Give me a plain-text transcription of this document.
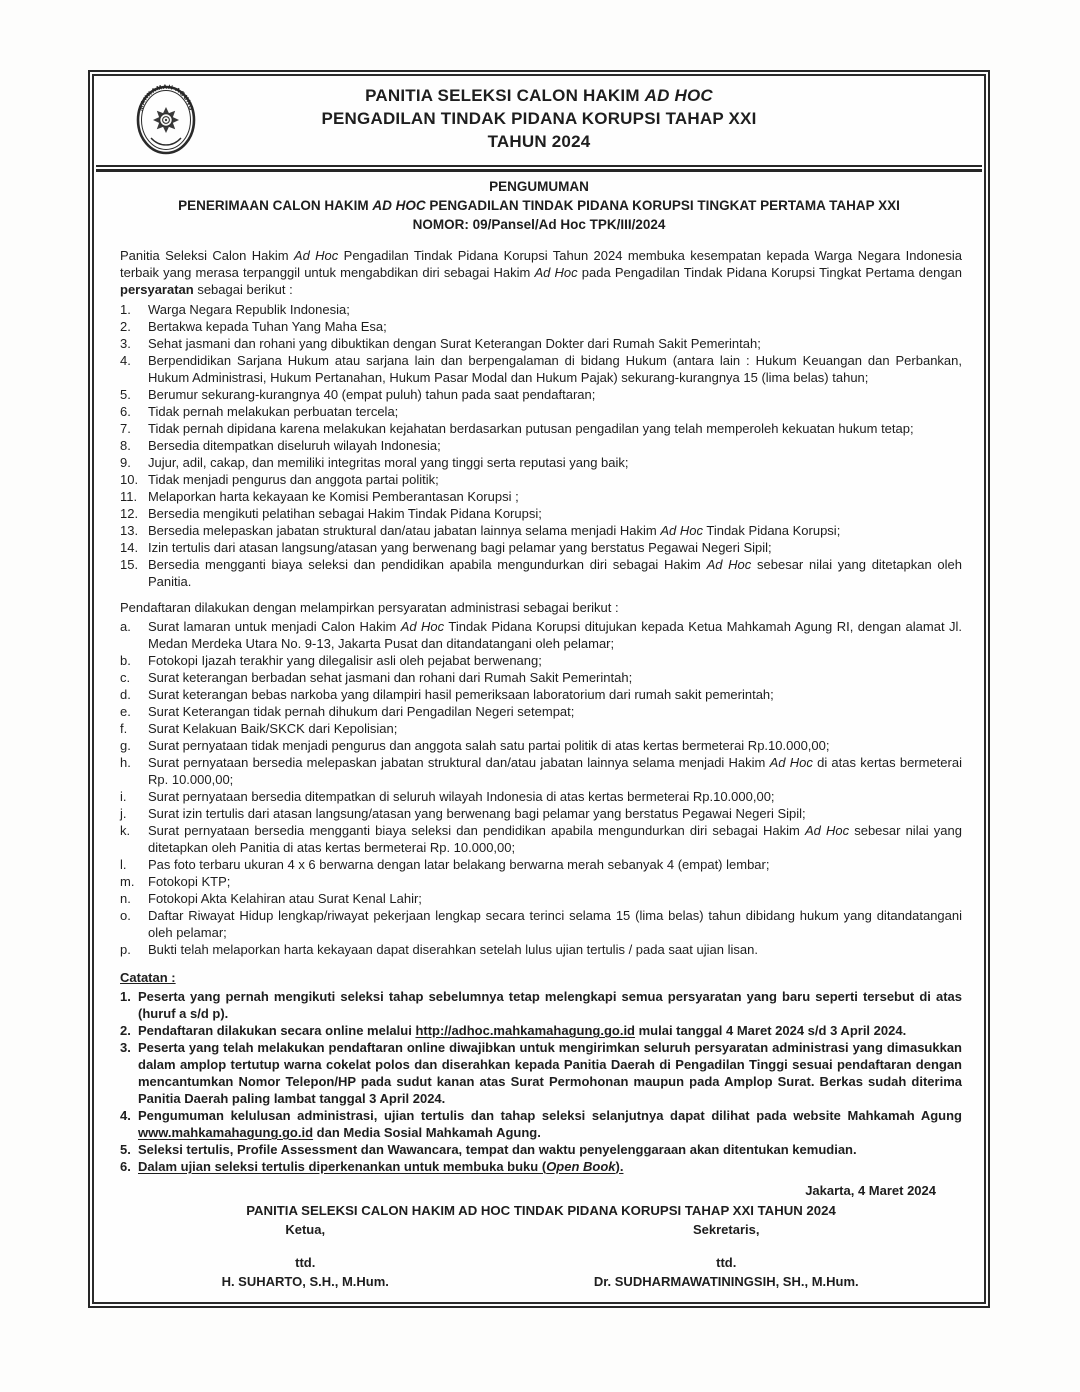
MAHKAMAH AGUNG
PANITIA SELEKSI CALON HAKIM AD HOC
PENGADILAN TINDAK PIDANA KORUPSI TAHAP XXI
TAHUN 2024
PENGUMUMAN
PENERIMAAN CALON HAKIM AD HOC PENGADILAN TINDAK PIDANA KORUPSI TINGKAT PERTAMA TAHAP XXI
NOMOR: 09/Pansel/Ad Hoc TPK/III/2024

Panitia Seleksi Calon Hakim Ad Hoc Pengadilan Tindak Pidana Korupsi Tahun 2024 membuka kesempatan kepada Warga Negara Indonesia terbaik yang merasa terpanggil untuk mengabdikan diri sebagai Hakim Ad Hoc pada Pengadilan Tindak Pidana Korupsi Tingkat Pertama dengan persyaratan sebagai berikut :

1.	Warga Negara Republik Indonesia;
2.	Bertakwa kepada Tuhan Yang Maha Esa;
3.	Sehat jasmani dan rohani yang dibuktikan dengan Surat Keterangan Dokter dari Rumah Sakit Pemerintah;
4.	Berpendidikan Sarjana Hukum atau sarjana lain dan berpengalaman di bidang Hukum (antara lain : Hukum Keuangan dan Perbankan, Hukum Administrasi, Hukum Pertanahan, Hukum Pasar Modal dan Hukum Pajak) sekurang-kurangnya 15 (lima belas) tahun;
5.	Berumur sekurang-kurangnya 40 (empat puluh) tahun pada saat pendaftaran;
6.	Tidak pernah melakukan perbuatan tercela;
7.	Tidak pernah dipidana karena melakukan kejahatan berdasarkan putusan pengadilan yang telah memperoleh kekuatan hukum tetap;
8.	Bersedia ditempatkan diseluruh wilayah Indonesia;
9.	Jujur, adil, cakap, dan memiliki integritas moral yang tinggi serta reputasi yang baik;
10. Tidak menjadi pengurus dan anggota partai politik;
11. Melaporkan harta kekayaan ke Komisi Pemberantasan Korupsi ;
12. Bersedia mengikuti pelatihan sebagai Hakim Tindak Pidana Korupsi;
13. Bersedia melepaskan jabatan struktural dan/atau jabatan lainnya selama menjadi Hakim Ad Hoc Tindak Pidana Korupsi;
14. Izin tertulis dari atasan langsung/atasan yang berwenang bagi pelamar yang berstatus Pegawai Negeri Sipil;
15. Bersedia mengganti biaya seleksi dan pendidikan apabila mengundurkan diri sebagai Hakim Ad Hoc sebesar nilai yang ditetapkan oleh Panitia.

Pendaftaran dilakukan dengan melampirkan persyaratan administrasi sebagai berikut :

a.	Surat lamaran untuk menjadi Calon Hakim Ad Hoc Tindak Pidana Korupsi ditujukan kepada Ketua Mahkamah Agung RI, dengan alamat Jl. Medan Merdeka Utara No. 9-13, Jakarta Pusat dan ditandatangani oleh pelamar;
b.	Fotokopi Ijazah terakhir yang dilegalisir asli oleh pejabat berwenang;
c.	Surat keterangan berbadan sehat jasmani dan rohani dari Rumah Sakit Pemerintah;
d.	Surat keterangan bebas narkoba yang dilampiri hasil pemeriksaan laboratorium dari rumah sakit pemerintah;
e.	Surat Keterangan tidak pernah dihukum dari Pengadilan Negeri setempat;
f.	Surat Kelakuan Baik/SKCK dari Kepolisian;
g.	Surat pernyataan tidak menjadi pengurus dan anggota salah satu partai politik di atas kertas bermeterai Rp.10.000,00;
h.	Surat pernyataan bersedia melepaskan jabatan struktural dan/atau jabatan lainnya selama menjadi Hakim Ad Hoc di atas kertas bermeterai Rp. 10.000,00;
i.	Surat pernyataan bersedia ditempatkan di seluruh wilayah Indonesia di atas kertas bermeterai Rp.10.000,00;
j.	Surat izin tertulis dari atasan langsung/atasan yang berwenang bagi pelamar yang berstatus Pegawai Negeri Sipil;
k.	Surat pernyataan bersedia mengganti biaya seleksi dan pendidikan apabila mengundurkan diri sebagai Hakim Ad Hoc sebesar nilai yang ditetapkan oleh Panitia di atas kertas bermeterai Rp. 10.000,00;
l.	Pas foto terbaru ukuran 4 x 6 berwarna dengan latar belakang berwarna merah sebanyak 4 (empat) lembar;
m.	Fotokopi KTP;
n.	Fotokopi Akta Kelahiran atau Surat Kenal Lahir;
o.	Daftar Riwayat Hidup lengkap/riwayat pekerjaan lengkap secara terinci selama 15 (lima belas) tahun dibidang hukum yang ditandatangani oleh pelamar;
p.	Bukti telah melaporkan harta kekayaan dapat diserahkan setelah lulus ujian tertulis / pada saat ujian lisan.
Catatan :
1. Peserta yang pernah mengikuti seleksi tahap sebelumnya tetap melengkapi semua persyaratan yang baru seperti tersebut di atas (huruf a s/d p).
2. Pendaftaran dilakukan secara online melalui http://adhoc.mahkamahagung.go.id mulai tanggal 4 Maret 2024 s/d 3 April 2024.
3. Peserta yang telah melakukan pendaftaran online diwajibkan untuk mengirimkan seluruh persyaratan administrasi yang dimasukkan dalam amplop tertutup warna cokelat polos dan diserahkan kepada Panitia Daerah di Pengadilan Tinggi sesuai pendaftaran dengan mencantumkan Nomor Telepon/HP pada sudut kanan atas Surat Permohonan maupun pada Amplop Surat. Berkas sudah diterima Panitia Daerah paling lambat tanggal 3 April 2024.
4. Pengumuman kelulusan administrasi, ujian tertulis dan tahap seleksi selanjutnya dapat dilihat pada website Mahkamah Agung www.mahkamahagung.go.id dan Media Sosial Mahkamah Agung.
5. Seleksi tertulis, Profile Assessment dan Wawancara, tempat dan waktu penyelenggaraan akan ditentukan kemudian.
6. Dalam ujian seleksi tertulis diperkenankan untuk membuka buku (Open Book).
Jakarta, 4 Maret 2024
PANITIA SELEKSI CALON HAKIM AD HOC TINDAK PIDANA KORUPSI TAHAP XXI TAHUN 2024
Ketua,
ttd.
H. SUHARTO, S.H., M.Hum.
Sekretaris,
ttd.
Dr. SUDHARMAWATININGSIH, SH., M.Hum.
